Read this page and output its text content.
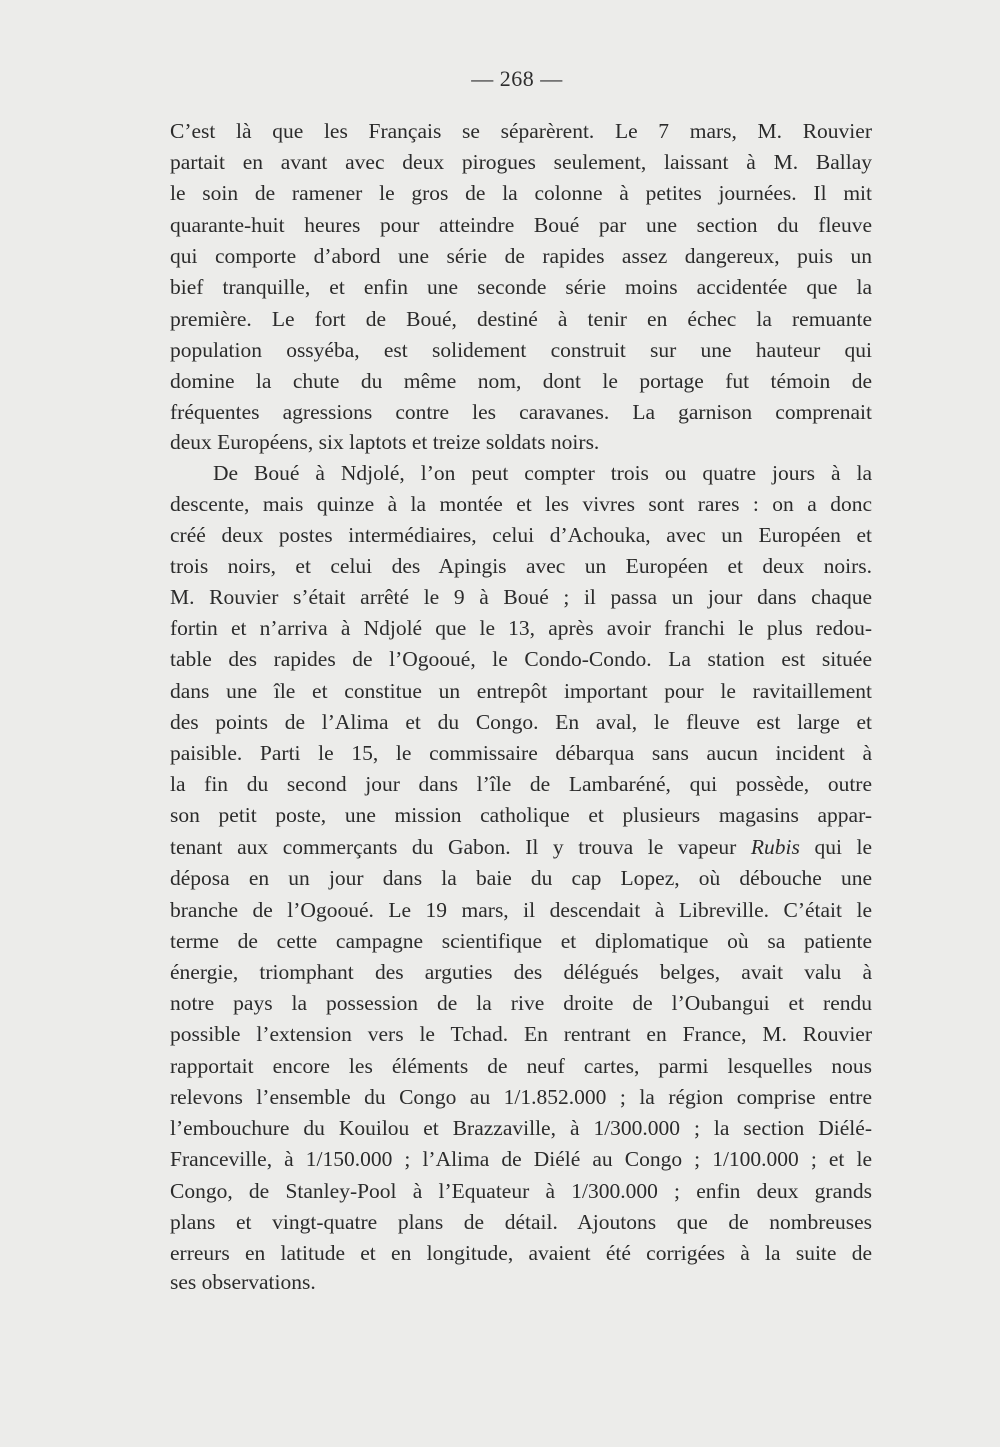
— 268 —
C’est là que les Français se séparèrent. Le 7 mars, M. Rouvier
partait en avant avec deux pirogues seulement, laissant à M. Ballay
le soin de ramener le gros de la colonne à petites journées. Il mit
quarante-huit heures pour atteindre Boué par une section du fleuve
qui comporte d’abord une série de rapides assez dangereux, puis un
bief tranquille, et enfin une seconde série moins accidentée que la
première. Le fort de Boué, destiné à tenir en échec la remuante
population ossyéba, est solidement construit sur une hauteur qui
domine la chute du même nom, dont le portage fut témoin de
fréquentes agressions contre les caravanes. La garnison comprenait
deux Européens, six laptots et treize soldats noirs.
De Boué à Ndjolé, l’on peut compter trois ou quatre jours à la
descente, mais quinze à la montée et les vivres sont rares : on a donc
créé deux postes intermédiaires, celui d’Achouka, avec un Européen et
trois noirs, et celui des Apingis avec un Européen et deux noirs.
M. Rouvier s’était arrêté le 9 à Boué ; il passa un jour dans chaque
fortin et n’arriva à Ndjolé que le 13, après avoir franchi le plus redou-
table des rapides de l’Ogooué, le Condo-Condo. La station est située
dans une île et constitue un entrepôt important pour le ravitaillement
des points de l’Alima et du Congo. En aval, le fleuve est large et
paisible. Parti le 15, le commissaire débarqua sans aucun incident à
la fin du second jour dans l’île de Lambaréné, qui possède, outre
son petit poste, une mission catholique et plusieurs magasins appar-
tenant aux commerçants du Gabon. Il y trouva le vapeur Rubis qui le
déposa en un jour dans la baie du cap Lopez, où débouche une
branche de l’Ogooué. Le 19 mars, il descendait à Libreville. C’était le
terme de cette campagne scientifique et diplomatique où sa patiente
énergie, triomphant des arguties des délégués belges, avait valu à
notre pays la possession de la rive droite de l’Oubangui et rendu
possible l’extension vers le Tchad. En rentrant en France, M. Rouvier
rapportait encore les éléments de neuf cartes, parmi lesquelles nous
relevons l’ensemble du Congo au 1/1.852.000 ; la région comprise entre
l’embouchure du Kouilou et Brazzaville, à 1/300.000 ; la section Diélé-
Franceville, à 1/150.000 ; l’Alima de Diélé au Congo ; 1/100.000 ; et le
Congo, de Stanley-Pool à l’Equateur à 1/300.000 ; enfin deux grands
plans et vingt-quatre plans de détail. Ajoutons que de nombreuses
erreurs en latitude et en longitude, avaient été corrigées à la suite de
ses observations.
